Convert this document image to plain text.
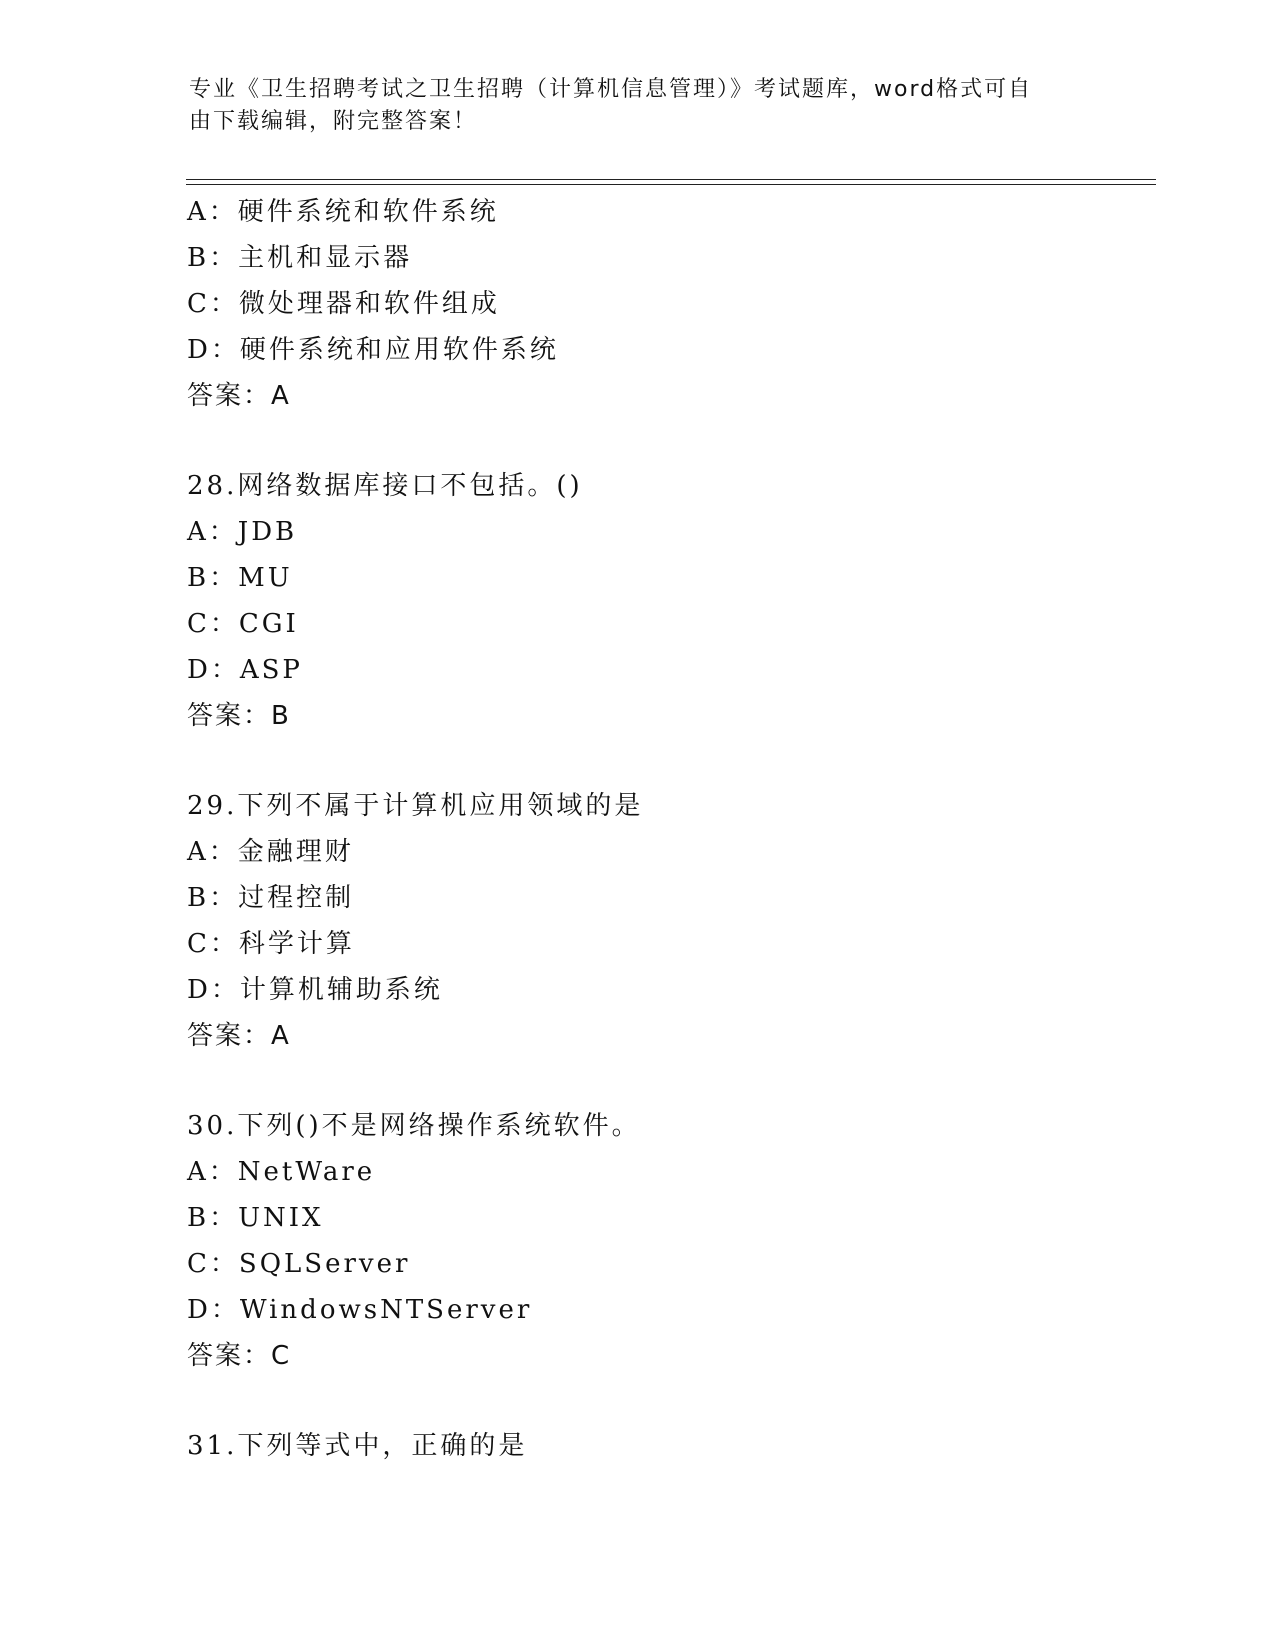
专业《卫生招聘考试之卫生招聘（计算机信息管理）》考试题库，word格式可自
由下载编辑，附完整答案！
A：硬件系统和软件系统
B：主机和显示器
C：微处理器和软件组成
D：硬件系统和应用软件系统
答案：A
28.网络数据库接口不包括。()
A：JDB
B：MU
C：CGI
D：ASP
答案：B
29.下列不属于计算机应用领域的是
A：金融理财
B：过程控制
C：科学计算
D：计算机辅助系统
答案：A
30.下列()不是网络操作系统软件。
A：NetWare
B：UNIX
C：SQLServer
D：WindowsNTServer
答案：C
31.下列等式中，正确的是
